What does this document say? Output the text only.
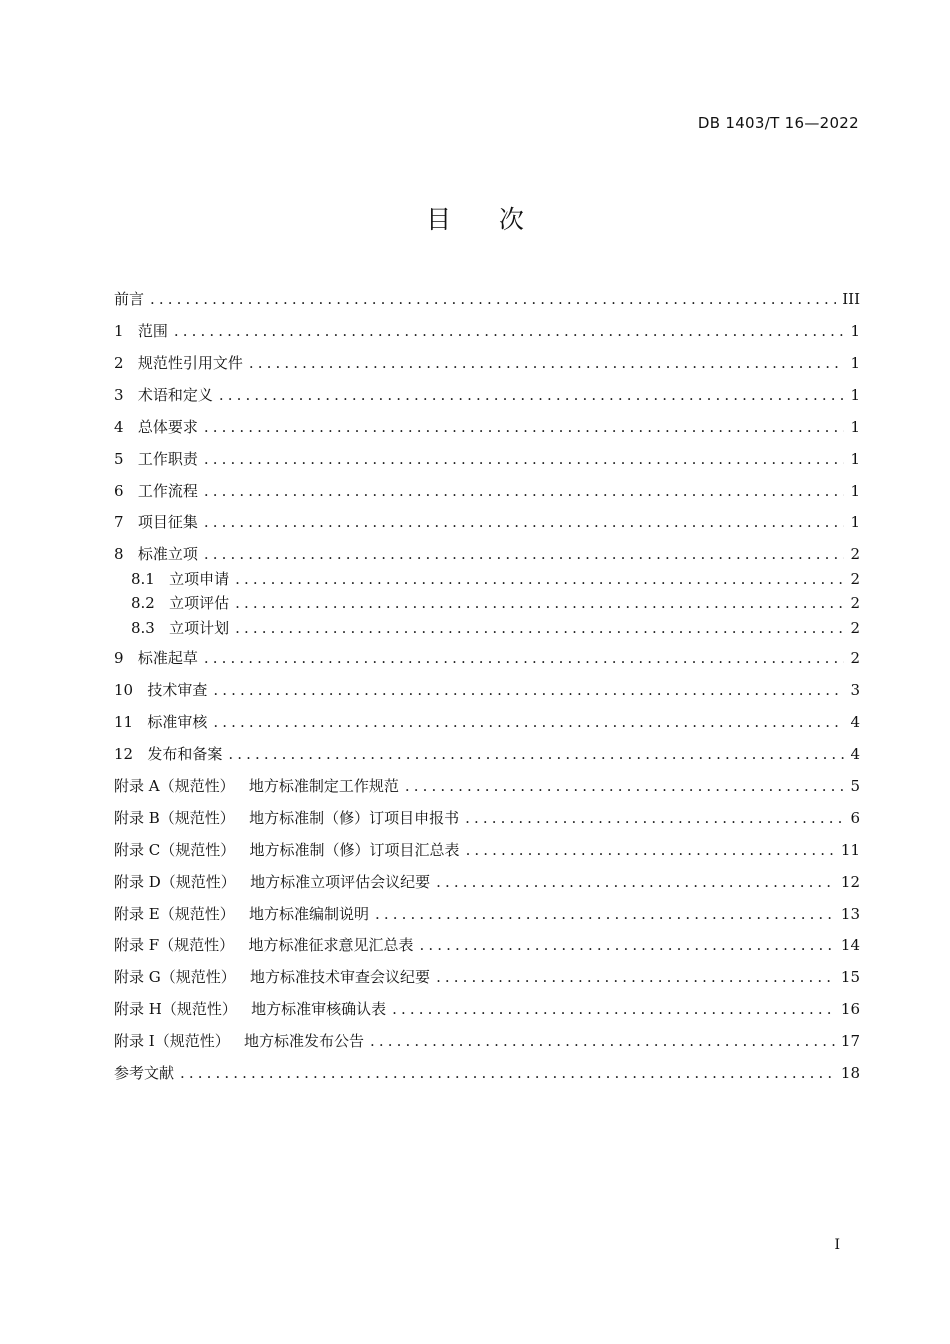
DB 1403/T 16—2022
目      次
前言 .....	III
1   范围 .....	1
2   规范性引用文件 .....	1
3   术语和定义 .....	1
4   总体要求 .....	1
5   工作职责 .....	1
6   工作流程 .....	1
7   项目征集 .....	1
8   标准立项 .....	2
8.1   立项申请 .....	2
8.2   立项评估 .....	2
8.3   立项计划 .....	2
9   标准起草 .....	2
10   技术审查 .....	3
11   标准审核 .....	4
12   发布和备案 .....	4
附录 A（规范性）   地方标准制定工作规范 .....	5
附录 B（规范性）   地方标准制（修）订项目申报书 .....	6
附录 C（规范性）   地方标准制（修）订项目汇总表 .....	11
附录 D（规范性）   地方标准立项评估会议纪要 .....	12
附录 E（规范性）   地方标准编制说明 .....	13
附录 F（规范性）   地方标准征求意见汇总表 .....	14
附录 G（规范性）   地方标准技术审查会议纪要 .....	15
附录 H（规范性）   地方标准审核确认表 .....	16
附录 I（规范性）   地方标准发布公告 .....	17
参考文献 .....	18
I
